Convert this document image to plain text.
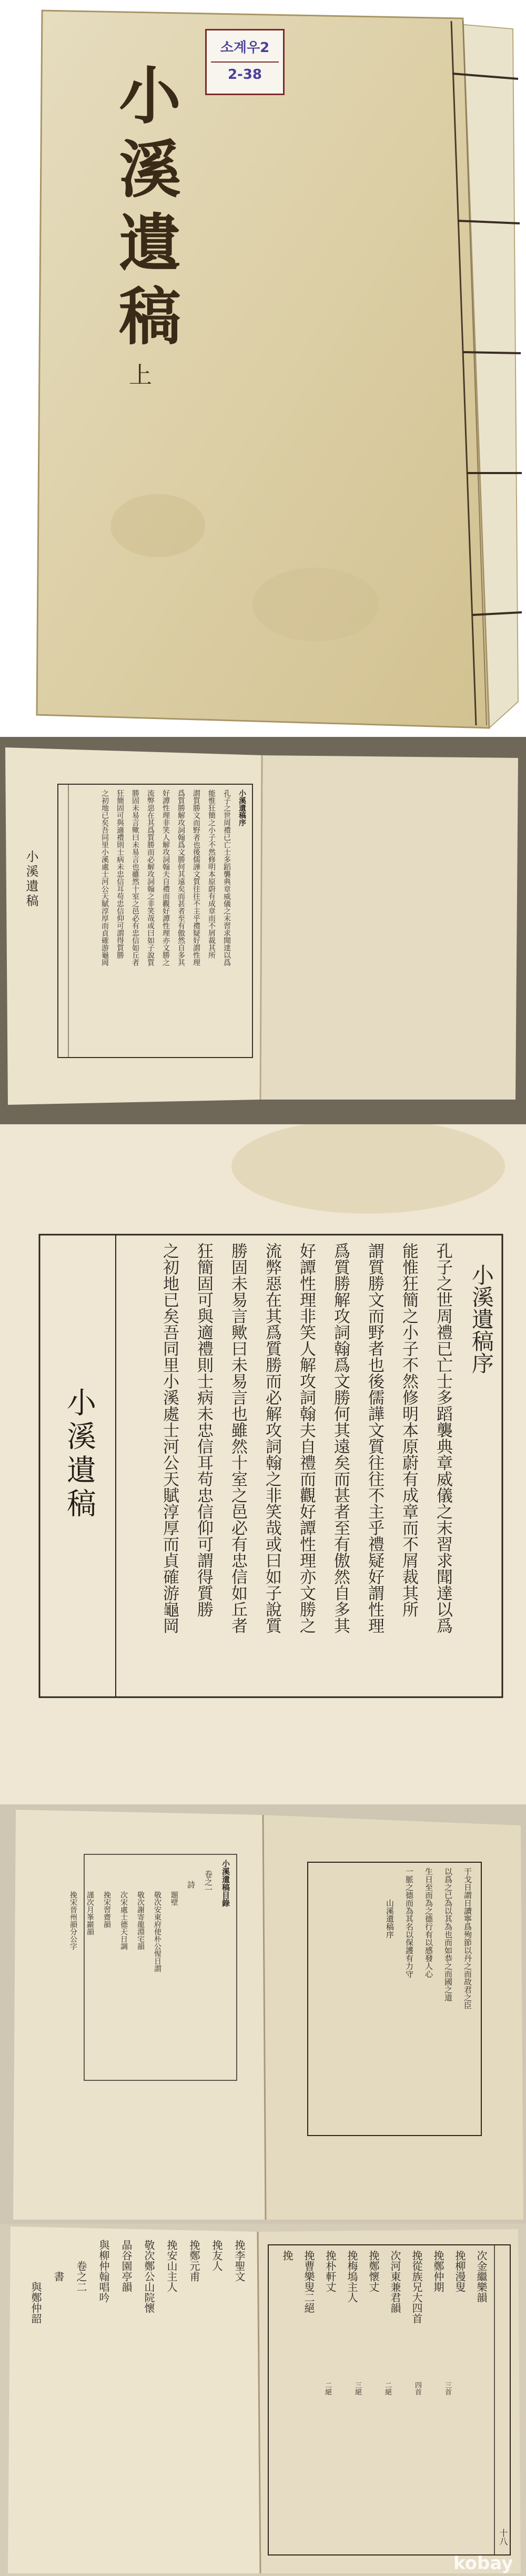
소계우2
2-38
小溪遺稿
上
小溪遺稿
小溪遺稿序
孔子之世周禮已亡士多蹈襲典章威儀之末習求聞達以爲
能惟狂簡之小子不然修明本原蔚有成章而不屑裁其所
謂質勝文而野者也後儒譁文質往往不主乎禮疑好謂性理
爲質勝解攻詞翰爲文勝何其遠矣而甚者至有傲然自多其
好譚性理非笑人解攻詞翰夫自禮而觀好譚性理亦文勝之
流弊惡在其爲質勝而必解攻詞翰之非笑哉或曰如子說質
勝固未易言歟曰未易言也雖然十室之邑必有忠信如丘者
狂簡固可與適禮則士病未忠信耳苟忠信仰可謂得質勝
之初地已矣吾同里小溪處士河公天賦淳厚而貞確游龜岡
小溪遺稿
小溪遺稿序
孔子之世周禮已亡士多蹈襲典章威儀之末習求聞達以爲
能惟狂簡之小子不然修明本原蔚有成章而不屑裁其所
謂質勝文而野者也後儒譁文質往往不主乎禮疑好謂性理
爲質勝解攻詞翰爲文勝何其遠矣而甚者至有傲然自多其
好譚性理非笑人解攻詞翰夫自禮而觀好譚性理亦文勝之
流弊惡在其爲質勝而必解攻詞翰之非笑哉或曰如子說質
勝固未易言歟曰未易言也雖然十室之邑必有忠信如丘者
狂簡固可與適禮則士病未忠信耳苟忠信仰可謂得質勝
之初地已矣吾同里小溪處士河公天賦淳厚而貞確游龜岡
小溪遺稿目錄
卷之一
詩
題壁
敬次安東府使朴公惺日謂
敬次謝寄龍淵宅韻
次宋處士德天日調
挽宋習齋韻
謹次月峯巖韻
挽宋晉州韻分公字	干戈日謂日讀寧爲殉節以丹之而故君之臣
以爲之已為以其為也而如恭之而國之道
生日至而為之德行有以感發人心
一脈之德而為其名以保護有力守
山溪遺稿序
挽李聖文
挽友人
挽鄭元甫
挽安山主人
敬次鄭公山院懷
晶谷園亭韻
與柳仲翰唱吟
卷之二
書
與鄭仲韶	次金繼樂韻
挽柳漫叟
挽鄭仲期
挽從族兄大四首
次河東兼君韻
挽鄭懷丈
挽梅塢主人
挽朴軒丈
挽曹樂叟二絕
挽
三首
四首
二絕
三絕
二絕
十八
kobay
